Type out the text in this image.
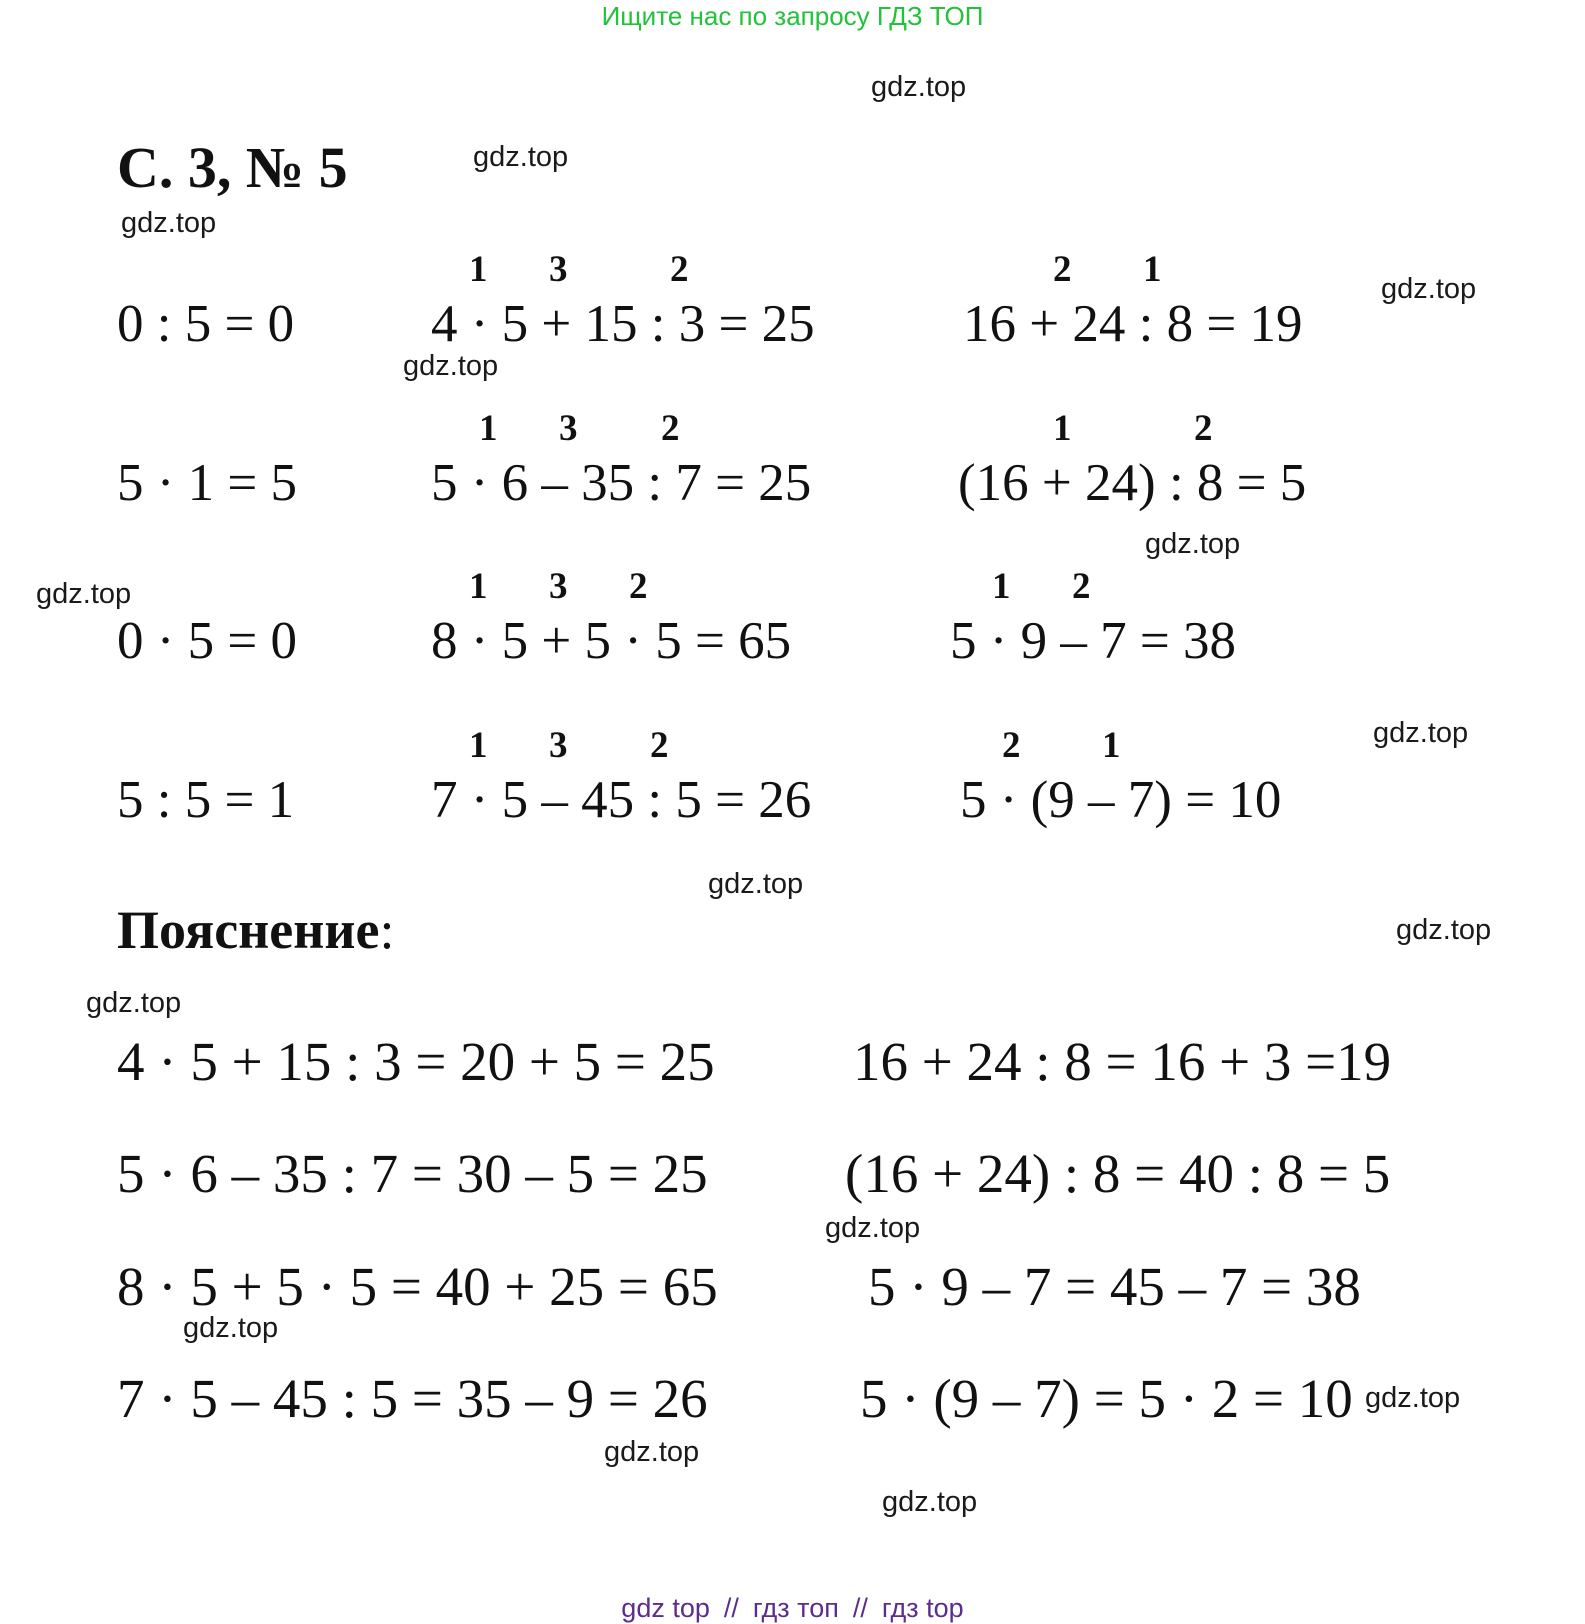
Ищите нас по запросу ГДЗ ТОП
С. 3, № 5
0 : 5 = 0
5 · 1 = 5
0 · 5 = 0
5 : 5 = 1
1 3	2
1 3 2
1 3 2
1 3 2
4 · 5 + 15 : 3 = 25
5 · 6 – 35 : 7 = 25
8 · 5 + 5 · 5 = 65
7 · 5 – 45 : 5 = 26
2 1
1	2
1 2
2 1
16 + 24 : 8 = 19
(16 + 24) : 8 = 5
5 · 9 – 7 = 38
5 · (9 – 7) = 10
Пояснение:
4 · 5 + 15 : 3 = 20 + 5 = 25
5 · 6 – 35 : 7 = 30 – 5 = 25
8 · 5 + 5 · 5 = 40 + 25 = 65
7 · 5 – 45 : 5 = 35 – 9 = 26
16 + 24 : 8 = 16 + 3 =19
(16 + 24) : 8 = 40 : 8 = 5
5 · 9 – 7 = 45 – 7 = 38
5 · (9 – 7) = 5 · 2 = 10
gdz.top
gdz.top
gdz.top
gdz.top
gdz.top
gdz.top
gdz.top
gdz.top
gdz.top
gdz.top
gdz.top
gdz.top
gdz.top
gdz.top
gdz.top
gdz.top
gdz top // гдз топ // гдз top
